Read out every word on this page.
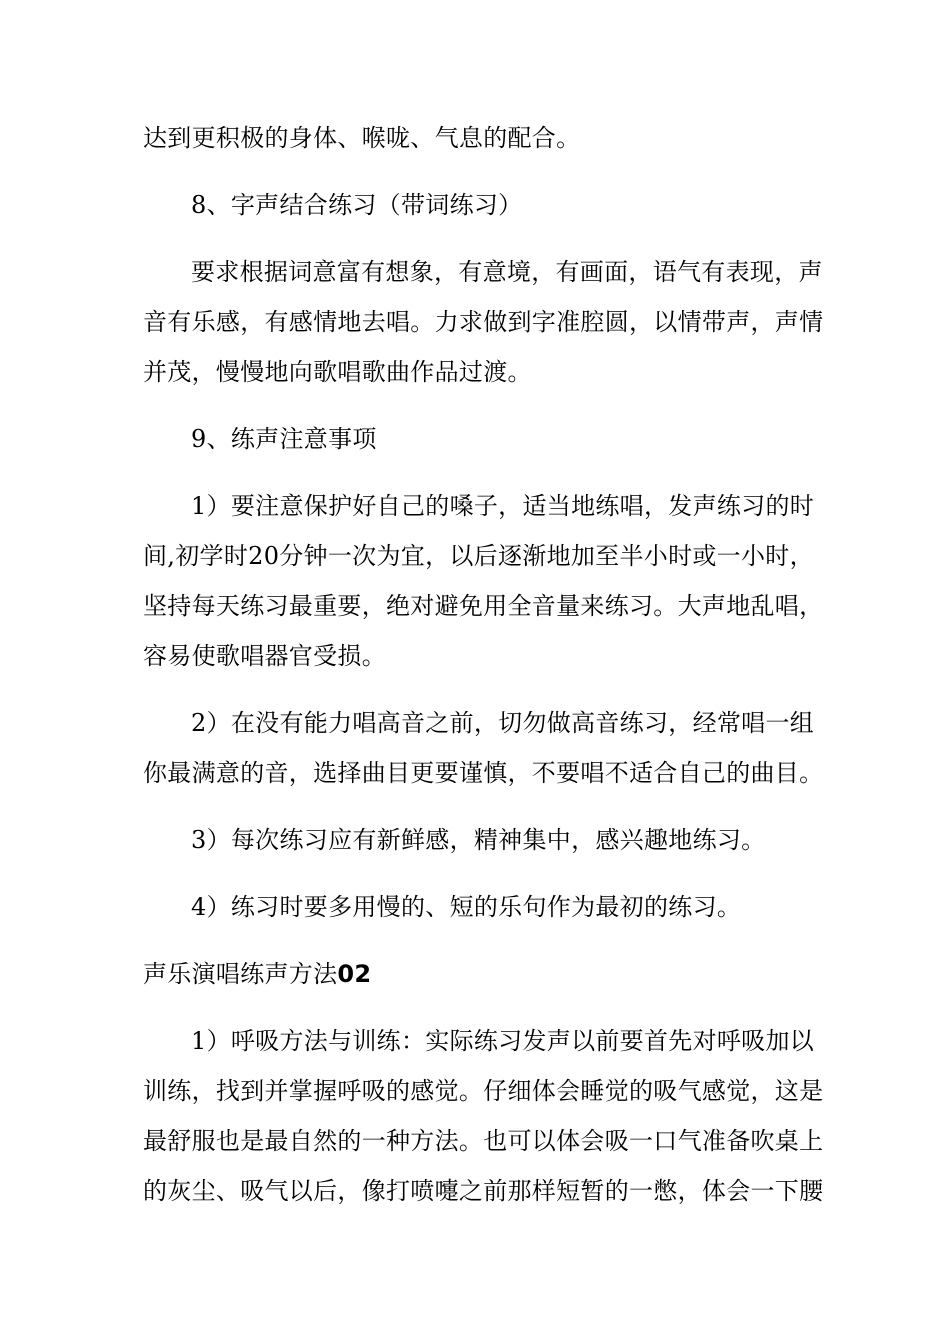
达到更积极的身体、喉咙、气息的配合。
8、字声结合练习（带词练习）
要求根据词意富有想象，有意境，有画面，语气有表现，声
音有乐感，有感情地去唱。力求做到字准腔圆，以情带声，声情
并茂，慢慢地向歌唱歌曲作品过渡。
9、练声注意事项
1）要注意保护好自己的嗓子，适当地练唱，发声练习的时
间,初学时20分钟一次为宜，以后逐渐地加至半小时或一小时，
坚持每天练习最重要，绝对避免用全音量来练习。大声地乱唱，
容易使歌唱器官受损。
2）在没有能力唱高音之前，切勿做高音练习，经常唱一组
你最满意的音，选择曲目更要谨慎，不要唱不适合自己的曲目。
3）每次练习应有新鲜感，精神集中，感兴趣地练习。
4）练习时要多用慢的、短的乐句作为最初的练习。
声乐演唱练声方法02
1）呼吸方法与训练：实际练习发声以前要首先对呼吸加以
训练，找到并掌握呼吸的感觉。仔细体会睡觉的吸气感觉，这是
最舒服也是最自然的一种方法。也可以体会吸一口气准备吹桌上
的灰尘、吸气以后，像打喷嚏之前那样短暂的一憋，体会一下腰
